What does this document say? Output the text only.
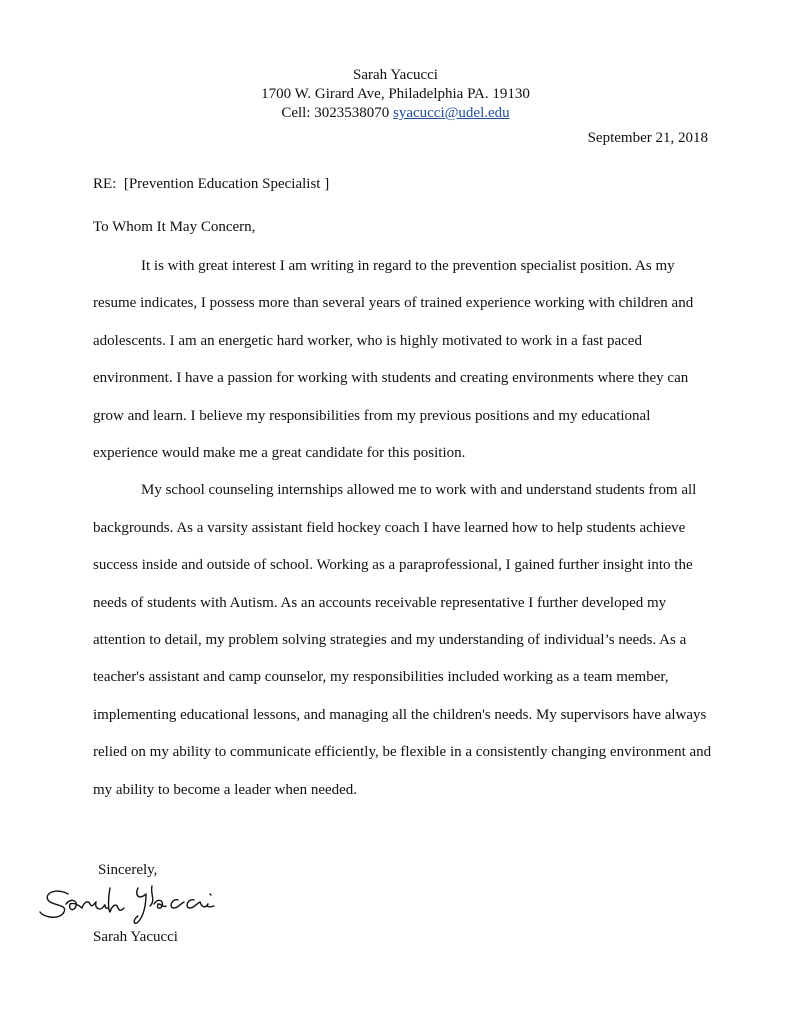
Sarah Yacucci
1700 W. Girard Ave, Philadelphia PA. 19130
Cell: 3023538070 syacucci@udel.edu
September 21, 2018
RE:  [Prevention Education Specialist ]
To Whom It May Concern,

It is with great interest I am writing in regard to the prevention specialist position. As my resume indicates, I possess more than several years of trained experience working with children and adolescents. I am an energetic hard worker, who is highly motivated to work in a fast paced environment. I have a passion for working with students and creating environments where they can grow and learn. I believe my responsibilities from my previous positions and my educational experience would make me a great candidate for this position.

My school counseling internships allowed me to work with and understand students from all backgrounds. As a varsity assistant field hockey coach I have learned how to help students achieve success inside and outside of school. Working as a paraprofessional, I gained further insight into the needs of students with Autism. As an accounts receivable representative I further developed my attention to detail, my problem solving strategies and my understanding of individual’s needs. As a teacher's assistant and camp counselor, my responsibilities included working as a team member, implementing educational lessons, and managing all the children's needs. My supervisors have always relied on my ability to communicate efficiently, be flexible in a consistently changing environment and my ability to become a leader when needed.

Sincerely,
Sarah Yacucci
